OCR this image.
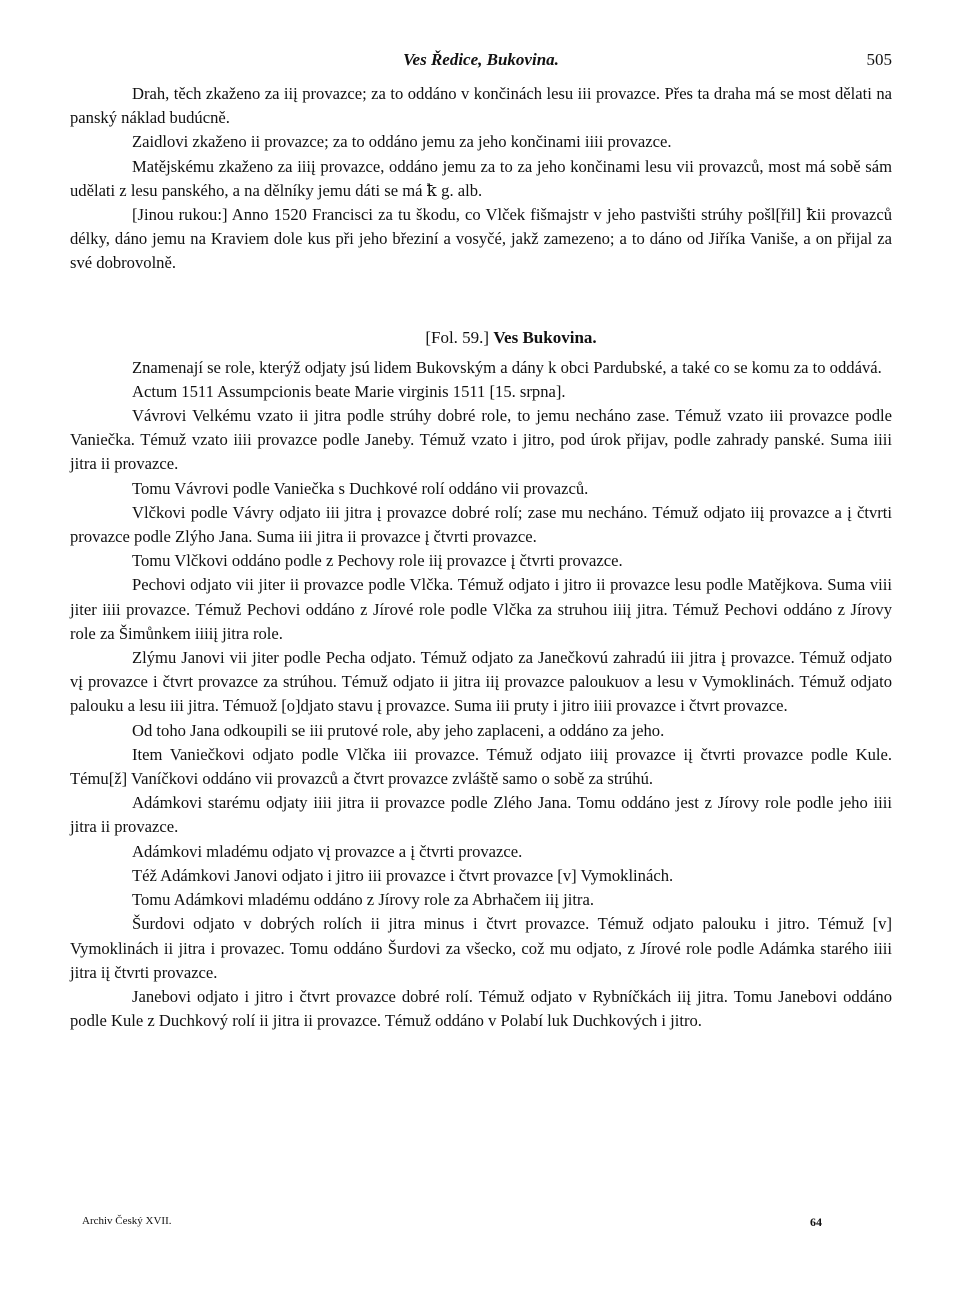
Ves Ředice, Bukovina.	505

Drah, těch zkaženo za iiį provazce; za to oddáno v končinách lesu iii provazce. Přes ta draha má se most dělati na panský náklad budúcně.

Zaidlovi zkaženo ii provazce; za to oddáno jemu za jeho končinami iiii provazce.

Matějskému zkaženo za iiiį provazce, oddáno jemu za to za jeho končinami lesu vii provazců, most má sobě sám udělati z lesu panského, a na dělníky jemu dáti se má ꝁ g. alb.

[Jinou rukou:] Anno 1520 Francisci za tu škodu, co Vlček fišmajstr v jeho pastvišti strúhy pošl[řil] ꝁii provazců délky, dáno jemu na Kraviem dole kus při jeho březiní a vosyčé, jakž zamezeno; a to dáno od Jiříka Vaniše, a on přijal za své dobrovolně.

[Fol. 59.] Ves Bukovina.

Znamenají se role, kterýž odjaty jsú lidem Bukovským a dány k obci Pardubské, a také co se komu za to oddává.

Actum 1511 Assumpcionis beate Marie virginis 1511 [15. srpna].

Vávrovi Velkému vzato ii jitra podle strúhy dobré role, to jemu necháno zase. Témuž vzato iii provazce podle Vaniečka. Témuž vzato iiii provazce podle Janeby. Témuž vzato i jitro, pod úrok přijav, podle zahrady panské. Suma iiii jitra ii provazce.

Tomu Vávrovi podle Vaniečka s Duchkové rolí oddáno vii provazců.

Vlčkovi podle Vávry odjato iii jitra į provazce dobré rolí; zase mu necháno. Témuž odjato iiį provazce a į čtvrti provazce podle Zlýho Jana. Suma iii jitra ii provazce į čtvrti provazce.

Tomu Vlčkovi oddáno podle z Pechovy role iiį provazce į čtvrti provazce.

Pechovi odjato vii jiter ii provazce podle Vlčka. Témuž odjato i jitro ii provazce lesu podle Matějkova. Suma viii jiter iiii provazce. Témuž Pechovi oddáno z Jírové role podle Vlčka za struhou iiiį jitra. Témuž Pechovi oddáno z Jírovy role za Šimůnkem iiiiį jitra role.

Zlýmu Janovi vii jiter podle Pecha odjato. Témuž odjato za Janečkovú zahradú iii jitra į provazce. Témuž odjato vį provazce i čtvrt provazce za strúhou. Témuž odjato ii jitra iiį provazce paloukuov a lesu v Vymoklinách. Témuž odjato palouku a lesu iii jitra. Témuož [o]djato stavu į provazce. Suma iii pruty i jitro iiii provazce i čtvrt provazce.

Od toho Jana odkoupili se iii prutové role, aby jeho zaplaceni, a oddáno za jeho.

Item Vaniečkovi odjato podle Vlčka iii provazce. Témuž odjato iiiį provazce iį čtvrti provazce podle Kule. Tému[ž] Vaníčkovi oddáno vii provazců a čtvrt provazce zvláště samo o sobě za strúhú.

Adámkovi starému odjaty iiii jitra ii provazce podle Zlého Jana. Tomu oddáno jest z Jírovy role podle jeho iiii jitra ii provazce.

Adámkovi mladému odjato vį provazce a į čtvrti provazce.

Též Adámkovi Janovi odjato i jitro iii provazce i čtvrt provazce [v] Vymoklinách.

Tomu Adámkovi mladému oddáno z Jírovy role za Abrhačem iiį jitra.

Šurdovi odjato v dobrých rolích ii jitra minus i čtvrt provazce. Témuž odjato palouku i jitro. Témuž [v] Vymoklinách ii jitra i provazec. Tomu oddáno Šurdovi za všecko, což mu odjato, z Jírové role podle Adámka starého iiii jitra iį čtvrti provazce.

Janebovi odjato i jitro i čtvrt provazce dobré rolí. Témuž odjato v Rybníčkách iiį jitra. Tomu Janebovi oddáno podle Kule z Duchkový rolí ii jitra ii provazce. Témuž oddáno v Polabí luk Duchkových i jitro.

Archiv Český XVII.	64
